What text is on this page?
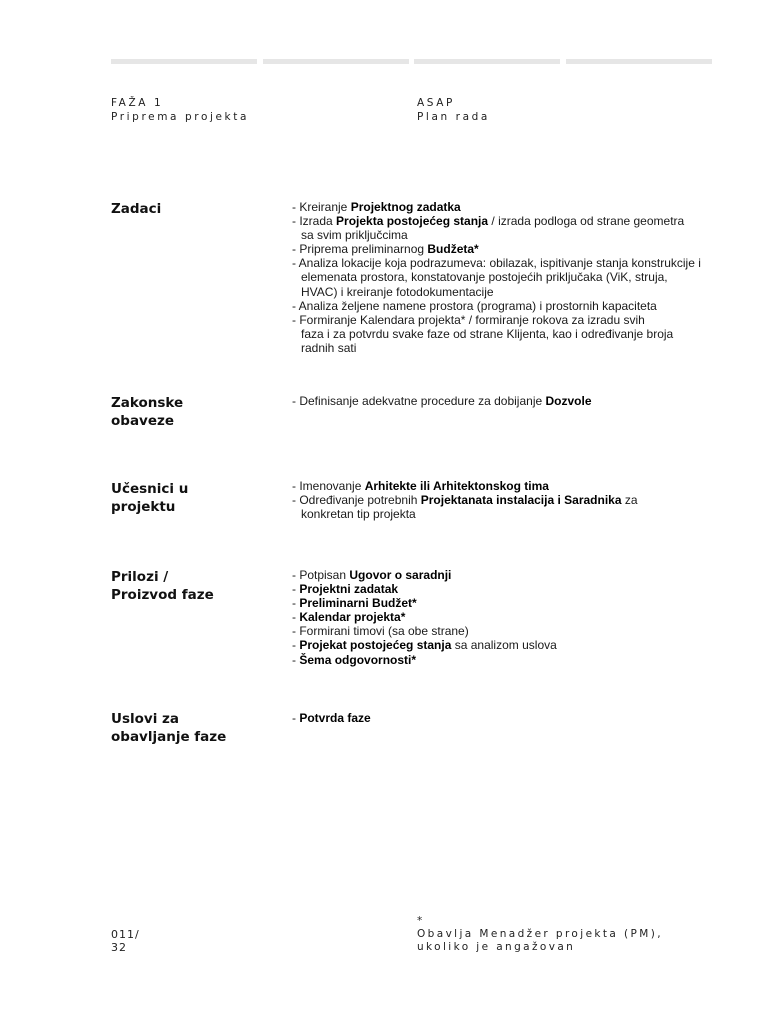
FAŽA 1
Priprema projekta
ASAP
Plan rada
Zadaci	- Kreiranje Projektnog zadatka
- Izrada Projekta postojećeg stanja / izrada podloga od strane geometra
sa svim priključcima
- Priprema preliminarnog Budžeta*
- Analiza lokacije koja podrazumeva: obilazak, ispitivanje stanja konstrukcije i
elemenata prostora, konstatovanje postojećih priključaka (ViK, struja,
HVAC) i kreiranje fotodokumentacije
- Analiza željene namene prostora (programa) i prostornih kapaciteta
- Formiranje Kalendara projekta* / formiranje rokova za izradu svih
faza i za potvrdu svake faze od strane Klijenta, kao i određivanje broja
radnih sati
Zakonske
obaveze
- Definisanje adekvatne procedure za dobijanje Dozvole
Učesnici u
projektu
- Imenovanje Arhitekte ili Arhitektonskog tima
- Određivanje potrebnih Projektanata instalacija i Saradnika za
konkretan tip projekta
Prilozi /
Proizvod faze
- Potpisan Ugovor o saradnji
- Projektni zadatak
- Preliminarni Budžet*
- Kalendar projekta*
- Formirani timovi (sa obe strane)
- Projekat postojećeg stanja sa analizom uslova
- Šema odgovornosti*
Uslovi za
obavljanje faze
- Potvrda faze
011/
32
*
Obavlja Menadžer projekta (PM),
ukoliko je angažovan
